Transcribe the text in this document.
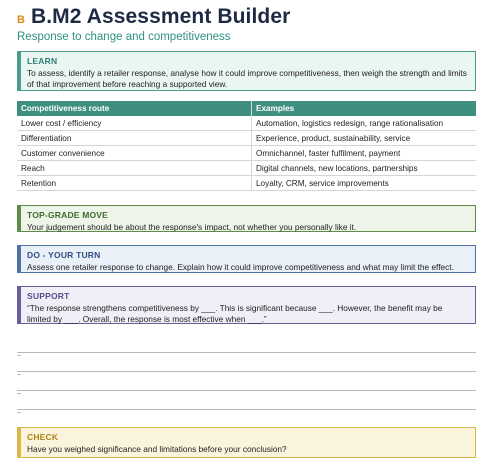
B B.M2 Assessment Builder
Response to change and competitiveness
LEARN
To assess, identify a retailer response, analyse how it could improve competitiveness, then weigh the strength and limits of that improvement before reaching a supported view.
Competitiveness route	Examples
Lower cost / efficiency	Automation, logistics redesign, range rationalisation
Differentiation	Experience, product, sustainability, service
Customer convenience	Omnichannel, faster fulfilment, payment
Reach	Digital channels, new locations, partnerships
Retention	Loyalty, CRM, service improvements
TOP-GRADE MOVE
Your judgement should be about the response's impact, not whether you personally like it.
DO - YOUR TURN
Assess one retailer response to change. Explain how it could improve competitiveness and what may limit the effect.
SUPPORT
“The response strengthens competitiveness by ___. This is significant because ___. However, the benefit may be limited by ___. Overall, the response is most effective when ___.”
–
–
–
–
CHECK
Have you weighed significance and limitations before your conclusion?
